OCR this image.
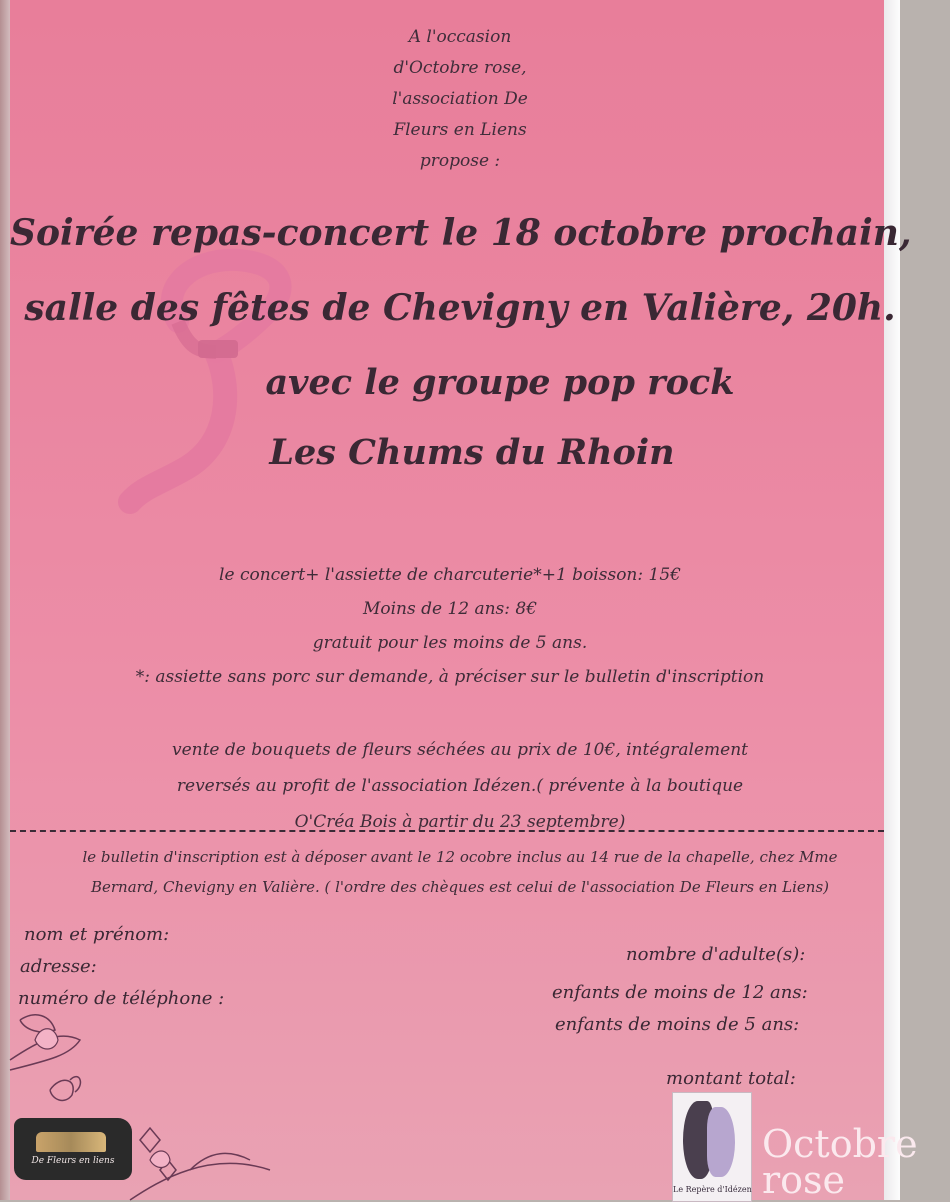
A l'occasion
d'Octobre rose,
l'association De
Fleurs en Liens
propose :
Soirée repas-concert le 18 octobre prochain,
salle des fêtes de Chevigny en Valière, 20h.
avec le groupe pop rock
Les Chums du Rhoin
le concert+ l'assiette de charcuterie*+1 boisson: 15€
Moins de 12 ans: 8€
gratuit pour les moins de 5 ans.
*: assiette sans porc sur demande, à préciser sur le bulletin d'inscription
vente de bouquets de fleurs séchées au prix de 10€, intégralement
reversés au profit de l'association Idézen.( prévente à la boutique
O'Créa Bois à partir du 23 septembre)
le bulletin d'inscription est à déposer avant le 12 ocobre inclus au 14 rue de la chapelle, chez Mme
Bernard, Chevigny en Valière. ( l'ordre des chèques est celui de l'association De Fleurs en Liens)
nom et prénom:
adresse:
numéro de téléphone :
nombre d'adulte(s):
enfants de moins de 12 ans:
enfants de moins de 5 ans:
montant total:
De Fleurs en liens
Le Repère d'Idézen
Octobre
rose
